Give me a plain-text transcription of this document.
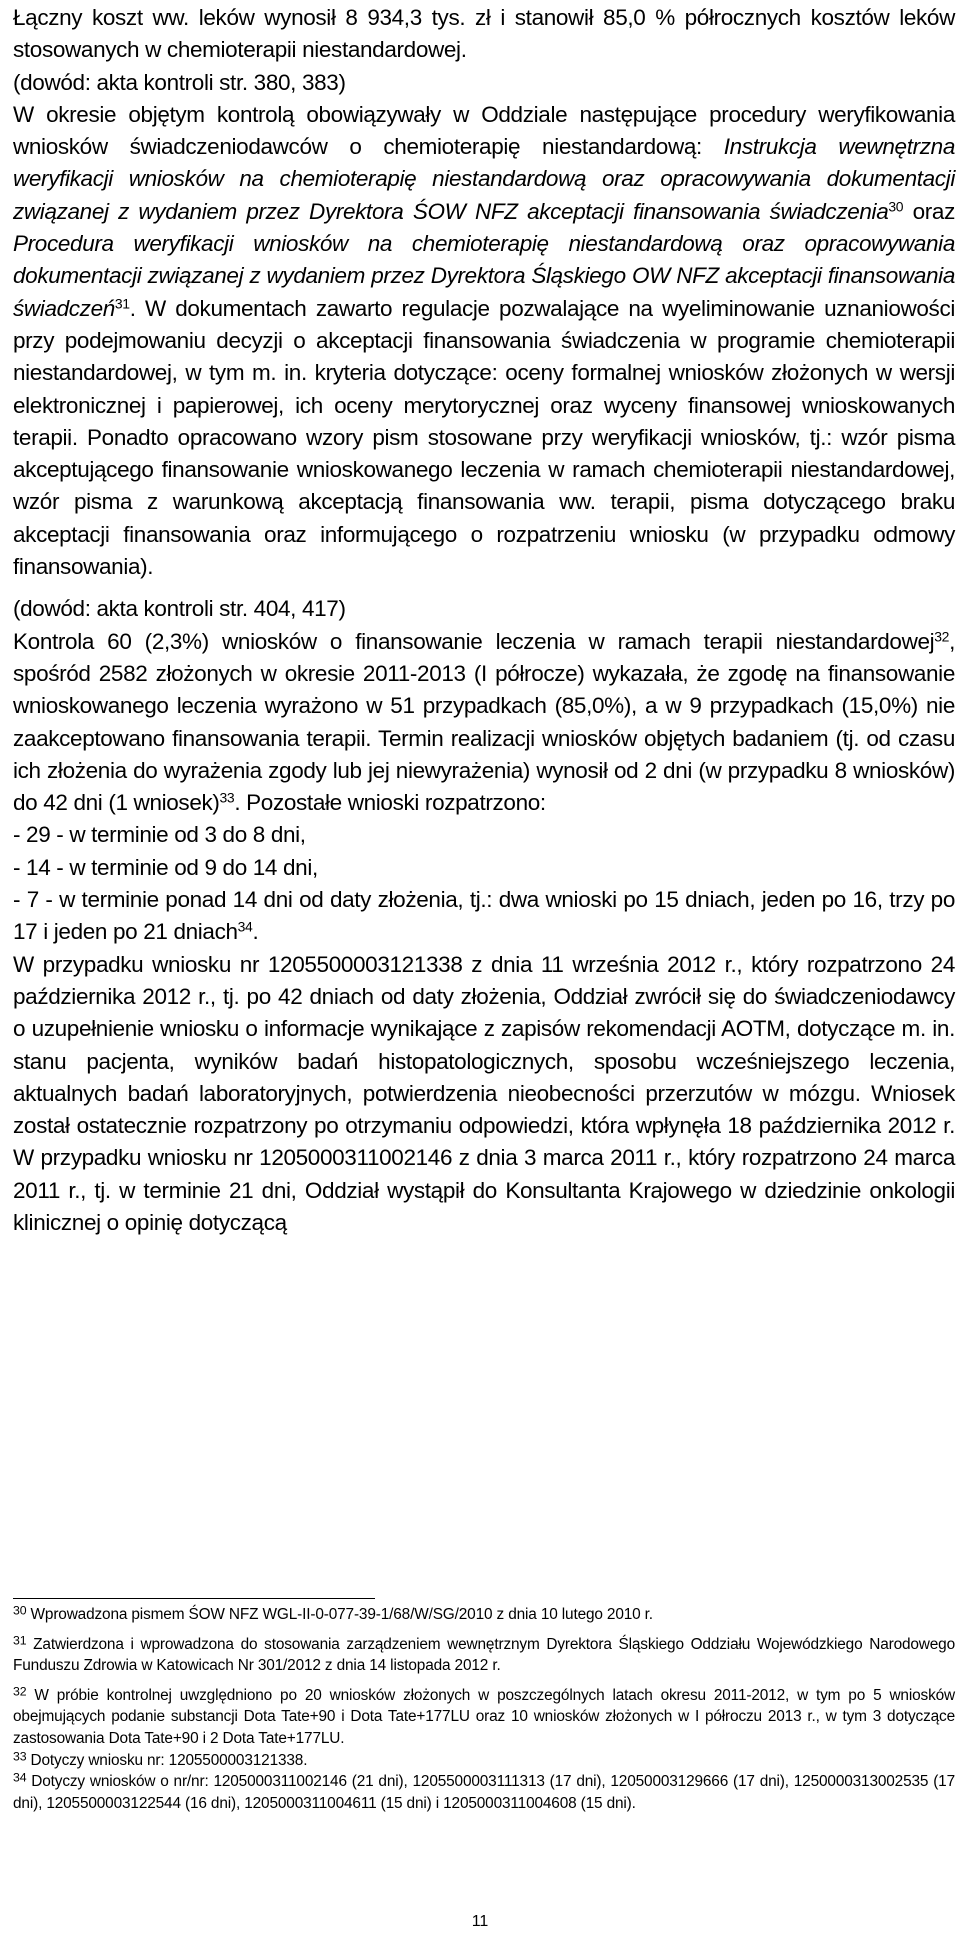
Łączny koszt ww. leków wynosił 8 934,3 tys. zł i stanowił 85,0 % półrocznych kosztów leków stosowanych w chemioterapii niestandardowej.

(dowód: akta kontroli str. 380, 383)

W okresie objętym kontrolą obowiązywały w Oddziale następujące procedury weryfikowania wniosków świadczeniodawców o chemioterapię niestandardową: Instrukcja wewnętrzna weryfikacji wniosków na chemioterapię niestandardową oraz opracowywania dokumentacji związanej z wydaniem przez Dyrektora ŚOW NFZ akceptacji finansowania świadczenia$^{30}$ oraz Procedura weryfikacji wniosków na chemioterapię niestandardową oraz opracowywania dokumentacji związanej z wydaniem przez Dyrektora Śląskiego OW NFZ akceptacji finansowania świadczeń$^{31}$. W dokumentach zawarto regulacje pozwalające na wyeliminowanie uznaniowości przy podejmowaniu decyzji o akceptacji finansowania świadczenia w programie chemioterapii niestandardowej, w tym m. in. kryteria dotyczące: oceny formalnej wniosków złożonych w wersji elektronicznej i papierowej, ich oceny merytorycznej oraz wyceny finansowej wnioskowanych terapii. Ponadto opracowano wzory pism stosowane przy weryfikacji wniosków, tj.: wzór pisma akceptującego finansowanie wnioskowanego leczenia w ramach chemioterapii niestandardowej, wzór pisma z warunkową akceptacją finansowania ww. terapii, pisma dotyczącego braku akceptacji finansowania oraz informującego o rozpatrzeniu wniosku (w przypadku odmowy finansowania).

(dowód: akta kontroli str. 404, 417)

Kontrola 60 (2,3%) wniosków o finansowanie leczenia w ramach terapii niestandardowej$^{32}$, spośród 2582 złożonych w okresie 2011-2013 (I półrocze) wykazała, że zgodę na finansowanie wnioskowanego leczenia wyrażono w 51 przypadkach (85,0%), a w 9 przypadkach (15,0%) nie zaakceptowano finansowania terapii. Termin realizacji wniosków objętych badaniem (tj. od czasu ich złożenia do wyrażenia zgody lub jej niewyrażenia) wynosił od 2 dni (w przypadku 8 wniosków) do 42 dni (1 wniosek)$^{33}$. Pozostałe wnioski rozpatrzono:

- 29 - w terminie od 3 do 8 dni,

- 14 - w terminie od 9 do 14 dni,

- 7 - w terminie ponad 14 dni od daty złożenia, tj.: dwa wnioski po 15 dniach, jeden po 16, trzy po 17 i jeden po 21 dniach$^{34}$.

W przypadku wniosku nr 1205500003121338 z dnia 11 września 2012 r., który rozpatrzono 24 października 2012 r., tj. po 42 dniach od daty złożenia, Oddział zwrócił się do świadczeniodawcy o uzupełnienie wniosku o informacje wynikające z zapisów rekomendacji AOTM, dotyczące m. in. stanu pacjenta, wyników badań histopatologicznych, sposobu wcześniejszego leczenia, aktualnych badań laboratoryjnych, potwierdzenia nieobecności przerzutów w mózgu. Wniosek został ostatecznie rozpatrzony po otrzymaniu odpowiedzi, która wpłynęła 18 października 2012 r. W przypadku wniosku nr 1205000311002146 z dnia 3 marca 2011 r., który rozpatrzono 24 marca 2011 r., tj. w terminie 21 dni, Oddział wystąpił do Konsultanta Krajowego w dziedzinie onkologii klinicznej o opinię dotyczącą

$^{30}$ Wprowadzona pismem ŚOW NFZ WGL-II-0-077-39-1/68/W/SG/2010 z dnia 10 lutego 2010 r.

$^{31}$ Zatwierdzona i wprowadzona do stosowania zarządzeniem wewnętrznym Dyrektora Śląskiego Oddziału Wojewódzkiego Narodowego Funduszu Zdrowia w Katowicach Nr 301/2012 z dnia 14 listopada 2012 r.

$^{32}$ W próbie kontrolnej uwzględniono po 20 wniosków złożonych w poszczególnych latach okresu 2011-2012, w tym po 5 wniosków obejmujących podanie substancji Dota Tate+90 i Dota Tate+177LU oraz 10 wniosków złożonych w I półroczu 2013 r., w tym 3 dotyczące zastosowania Dota Tate+90 i 2 Dota Tate+177LU.

$^{33}$ Dotyczy wniosku nr: 1205500003121338.

$^{34}$ Dotyczy wniosków o nr/nr: 1205000311002146 (21 dni), 1205500003111313 (17 dni), 12050003129666 (17 dni), 1250000313002535 (17 dni), 1205500003122544 (16 dni), 1205000311004611 (15 dni) i 1205000311004608 (15 dni).

11
